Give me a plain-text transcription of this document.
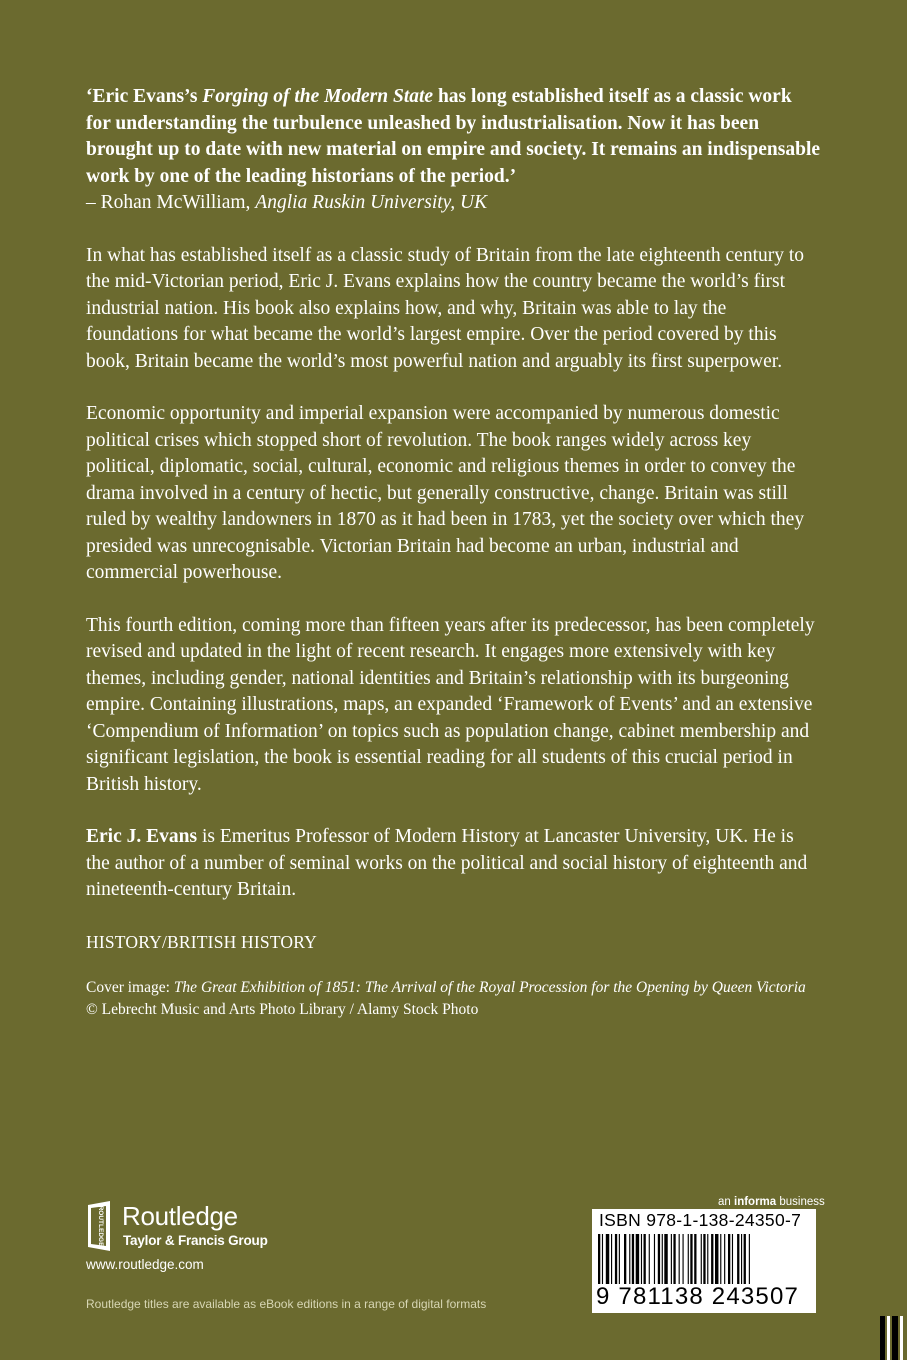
‘Eric Evans’s Forging of the Modern State has long established itself as a classic work for understanding the turbulence unleashed by industrialisation. Now it has been brought up to date with new material on empire and society. It remains an indispensable work by one of the leading historians of the period.’

– Rohan McWilliam, Anglia Ruskin University, UK

In what has established itself as a classic study of Britain from the late eighteenth century to the mid-Victorian period, Eric J. Evans explains how the country became the world’s first industrial nation. His book also explains how, and why, Britain was able to lay the foundations for what became the world’s largest empire. Over the period covered by this book, Britain became the world’s most powerful nation and arguably its first superpower.

Economic opportunity and imperial expansion were accompanied by numerous domestic political crises which stopped short of revolution. The book ranges widely across key political, diplomatic, social, cultural, economic and religious themes in order to convey the drama involved in a century of hectic, but generally constructive, change. Britain was still ruled by wealthy landowners in 1870 as it had been in 1783, yet the society over which they presided was unrecognisable. Victorian Britain had become an urban, industrial and commercial powerhouse.

This fourth edition, coming more than fifteen years after its predecessor, has been completely revised and updated in the light of recent research. It engages more extensively with key themes, including gender, national identities and Britain’s relationship with its burgeoning empire. Containing illustrations, maps, an expanded ‘Framework of Events’ and an extensive ‘Compendium of Information’ on topics such as population change, cabinet membership and significant legislation, the book is essential reading for all students of this crucial period in British history.

Eric J. Evans is Emeritus Professor of Modern History at Lancaster University, UK. He is the author of a number of seminal works on the political and social history of eighteenth and nineteenth-century Britain.

HISTORY/BRITISH HISTORY

Cover image: The Great Exhibition of 1851: The Arrival of the Royal Procession for the Opening by Queen Victoria © Lebrecht Music and Arts Photo Library / Alamy Stock Photo

ROUTLEDGE Routledge
Taylor & Francis Group
www.routledge.com
Routledge titles are available as eBook editions in a range of digital formats
an informa business
ISBN 978-1-138-24350-7
9 781138 243507
